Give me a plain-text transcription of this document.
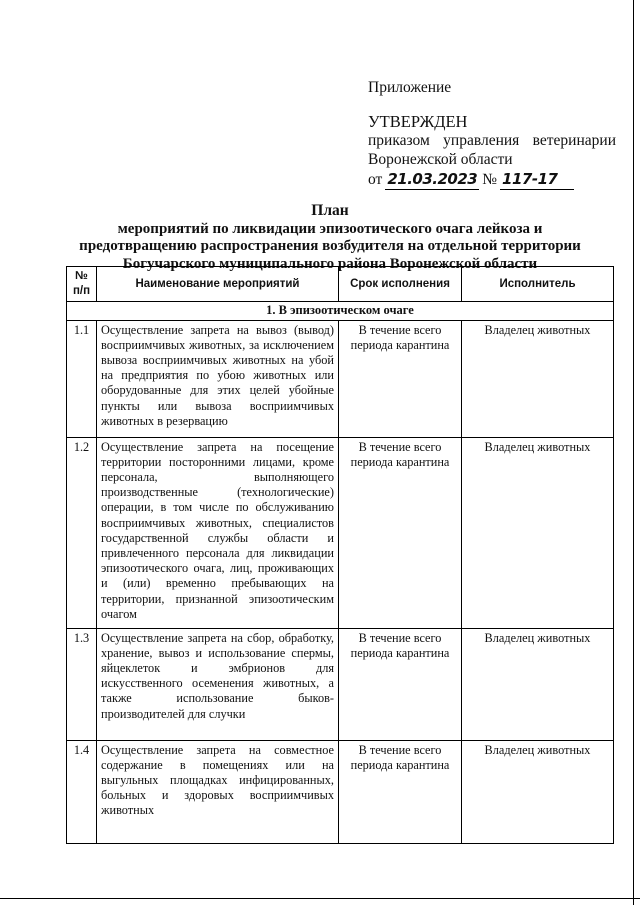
Приложение
УТВЕРЖДЕН
приказом управления ветеринарии
Воронежской области
от 21.03.2023 № 117-17
План
мероприятий по ликвидации эпизоотического очага лейкоза и
предотвращению распространения возбудителя на отдельной территории
Богучарского муниципального района Воронежской области
№ п/п	Наименование мероприятий	Срок исполнения	Исполнитель
1. В эпизоотическом очаге			
1.1	Осуществление запрета на вывоз (вывод) восприимчивых животных, за исключением вывоза восприимчивых животных на убой на предприятия по убою животных или оборудованные для этих целей убойные пункты или вывоза восприимчивых животных в резервацию	В течение всего периода карантина	Владелец животных
1.2	Осуществление запрета на посещение территории посторонними лицами, кроме персонала, выполняющего производственные (технологические) операции, в том числе по обслуживанию восприимчивых животных, специалистов государственной службы области и привлеченного персонала для ликвидации эпизоотического очага, лиц, проживающих и (или) временно пребывающих на территории, признанной эпизоотическим очагом	В течение всего периода карантина	Владелец животных
1.3	Осуществление запрета на сбор, обработку, хранение, вывоз и использование спермы, яйцеклеток и эмбрионов для искусственного осеменения животных, а также использование быков-производителей для случки	В течение всего периода карантина	Владелец животных
1.4	Осуществление запрета на совместное содержание в помещениях или на выгульных площадках инфицированных, больных и здоровых восприимчивых животных	В течение всего периода карантина	Владелец животных
